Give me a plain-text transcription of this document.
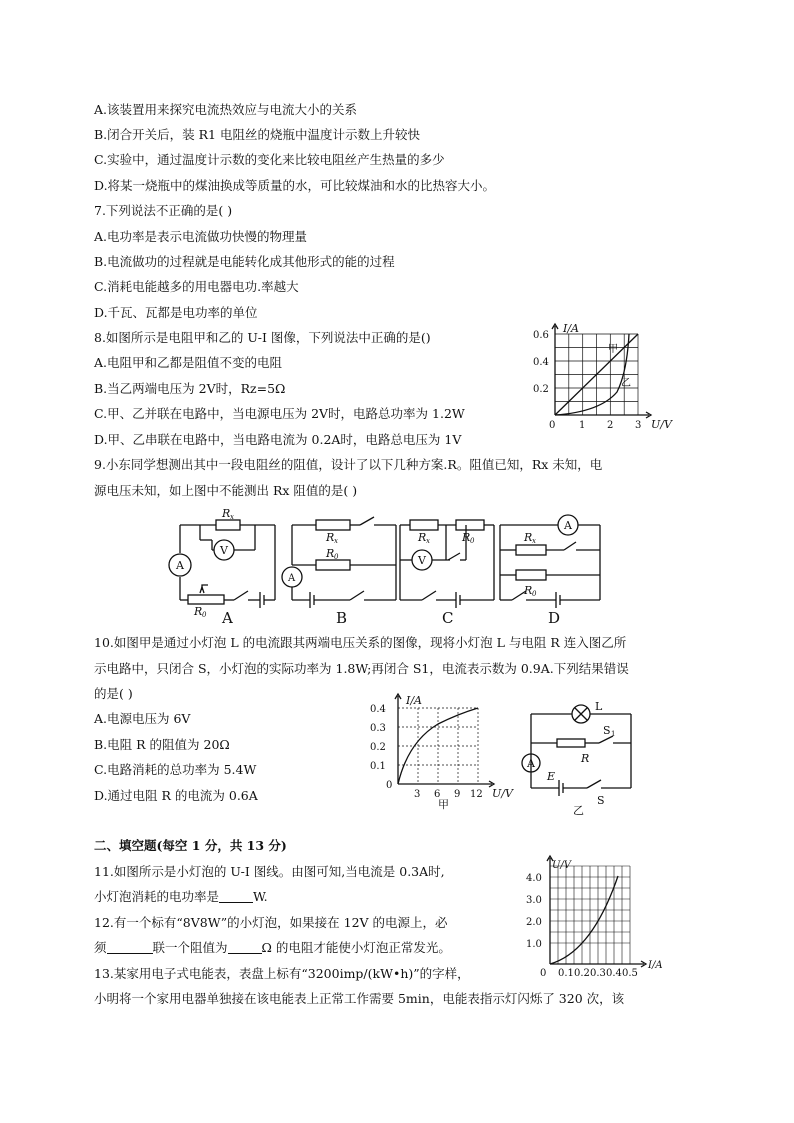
A.该装置用来探究电流热效应与电流大小的关系
B.闭合开关后，装 R1 电阻丝的烧瓶中温度计示数上升较快
C.实验中，通过温度计示数的变化来比较电阻丝产生热量的多少
D.将某一烧瓶中的煤油换成等质量的水，可比较煤油和水的比热容大小。
7.下列说法不正确的是( )
A.电功率是表示电流做功快慢的物理量
B.电流做功的过程就是电能转化成其他形式的能的过程
C.消耗电能越多的用电器电功.率越大
D.千瓦、瓦都是电功率的单位
8.如图所示是电阻甲和乙的 U-I 图像，下列说法中正确的是()
A.电阻甲和乙都是阻值不变的电阻
B.当乙两端电压为 2V时，Rz=5Ω
C.甲、乙并联在电路中，当电源电压为 2V时，电路总功率为 1.2W
D.甲、乙串联在电路中，当电路电流为 0.2A时，电路总电压为 1V
I/A
U/V
0 1 2 3
0.6
0.4
0.2
甲
乙
9.小东同学想测出其中一段电阻丝的阻值，设计了以下几种方案.R。阻值已知，Rx 未知，电
源电压未知，如上图中不能测出 Rx 阻值的是( )
R x
V
A
R 0 A
R x
R 0
A
B
R x	R 0
V
C
A
R x
R 0
D
10.如图甲是通过小灯泡 L 的电流跟其两端电压关系的图像，现将小灯泡 L 与电阻 R 连入图乙所
示电路中，只闭合 S，小灯泡的实际功率为 1.8W;再闭合 S1，电流表示数为 0.9A.下列结果错误
的是( )
A.电源电压为 6V
B.电阻 R 的阻值为 20Ω
C.电路消耗的总功率为 5.4W
D.通过电阻 R 的电流为 0.6A
I/A
U/V
0.4
0.3
0.2
0.1
0
3 6 9 12
甲
L
S 1
R
A
E
S
乙
二、填空题(每空 1 分，共 13 分)
11.如图所示是小灯泡的 U-I 图线。由图可知,当电流是 0.3A时,
小灯泡消耗的电功率是	W.
12.有一个标有“8V8W”的小灯泡，如果接在 12V 的电源上，必
须	联一个阻值为	Ω 的电阻才能使小灯泡正常发光。
13.某家用电子式电能表，表盘上标有“3200imp/(kW•h)”的字样，
小明将一个家用电器单独接在该电能表上正常工作需要 5min，电能表指示灯闪烁了 320 次，该
U/V
I/A
4.0
3.0
2.0
1.0
0 0.1 0.2 0.3 0.4 0.5
